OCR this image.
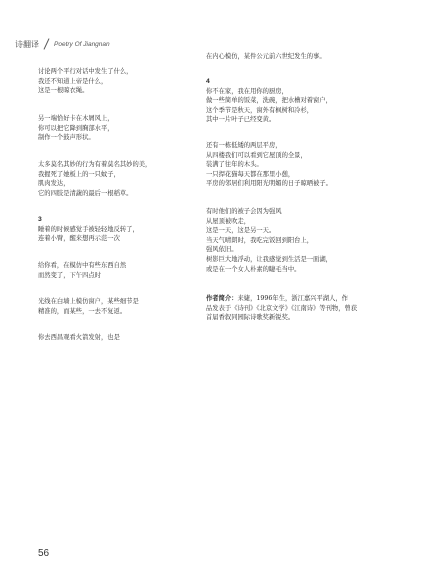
诗翻译 Poetry Of Jiangnan
讨论两个平行对话中发生了什么，
我还不知道上帝是什么，
这是一根晾衣绳。
另一端恰好卡在木屑风上，
你可以把它降到胸部水平，
制作一个鼓声形状。
太多莫名其妙的行为有着莫名其妙的美，
我握死了她板上的一只蚊子，
肌肉发达，
它的四肢是清蔬的最后一根稻草。
3
睡着的时候感觉手被轻轻地反转了，
连着小臂，醒来想再示范一次
给你看，在模仿中有些东西自然
而然变了，下午四点时
光线在白墙上模仿窗户，某些细节是
精准的，而某些，一去不复返。
你去西昌观看火箭发射，也是
在内心模仿，某件公元前六世纪发生的事。
4
你不在家，我在用你的厨房，
做一些简单的饭菜，洗碗，把水槽对着窗户，
这个季节是秋天，窗外有枫树和冷杉，
其中一片叶子已经变黄。
还有一栋低矮的两层平房，
从四楼我们可以看到它屋顶的全景，
装满了往年的木头。
一只捍花猫每天都在那里小憩，
平房的邻居们利用阳光明媚的日子晾晒被子。
有时他们的被子会因为强风
从屋顶被吹走，
这是一天，这是另一天。
当天气晴朗时，我吃完饭回到阳台上，
强风依旧。
树影巨大地浮动，让我感觉到生活是一面湖，
或是在一个女人朴素的睫毛当中。
作者简介：来婕，1996年生，浙江嘉兴平湖人，作
品发表于《诗刊》《北京文学》《江南诗》等刊物，曾获
首届香叙同园际诗歌奖新锐奖。
56
